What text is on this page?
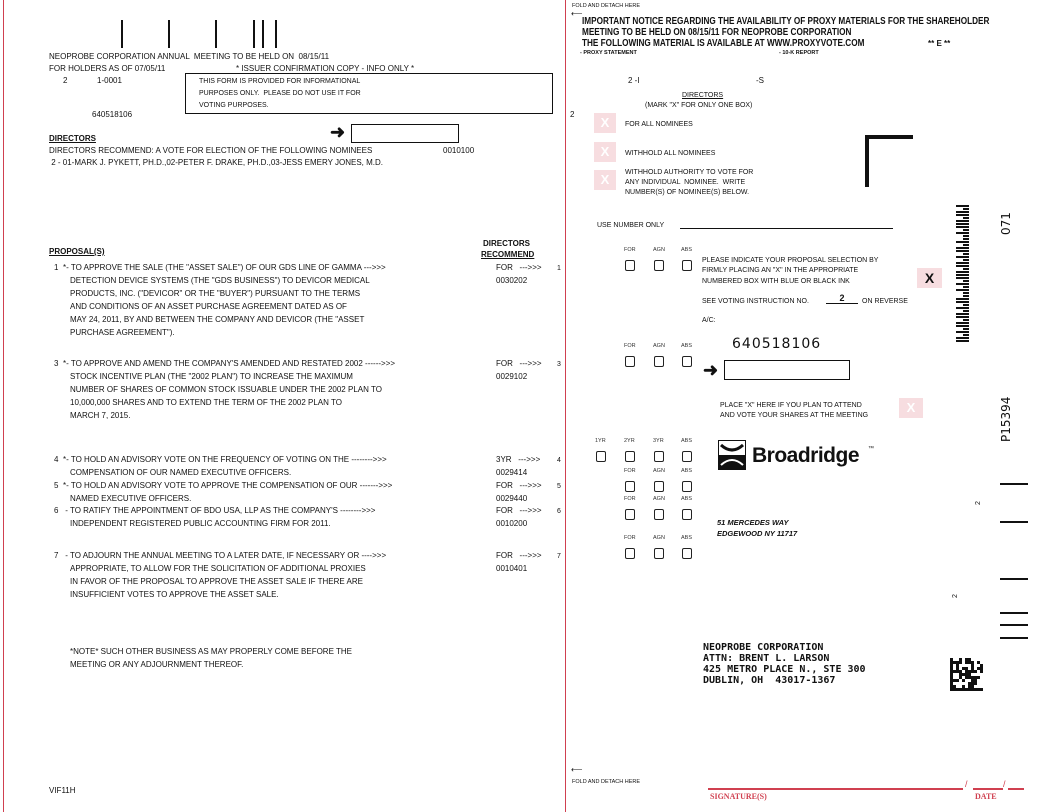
NEOPROBE CORPORATION ANNUAL  MEETING TO BE HELD ON  08/15/11
FOR HOLDERS AS OF 07/05/11	* ISSUER CONFIRMATION COPY - INFO ONLY *
2	1-0001	THIS FORM IS PROVIDED FOR INFORMATIONAL
PURPOSES ONLY.  PLEASE DO NOT USE IT FOR
VOTING PURPOSES.
640518106
➜
DIRECTORS
DIRECTORS RECOMMEND: A VOTE FOR ELECTION OF THE FOLLOWING NOMINEES	0010100
2 - 01-MARK J. PYKETT, PH.D.,02-PETER F. DRAKE, PH.D.,03-JESS EMERY JONES, M.D.
PROPOSAL(S)
DIRECTORS
RECOMMEND
1 *- TO APPROVE THE SALE (THE "ASSET SALE") OF OUR GDS LINE OF GAMMA --->>>
DETECTION DEVICE SYSTEMS (THE "GDS BUSINESS") TO DEVICOR MEDICAL
PRODUCTS, INC. ("DEVICOR" OR THE "BUYER") PURSUANT TO THE TERMS
AND CONDITIONS OF AN ASSET PURCHASE AGREEMENT DATED AS OF
MAY 24, 2011, BY AND BETWEEN THE COMPANY AND DEVICOR (THE "ASSET
PURCHASE AGREEMENT").
FOR   --->>>
0030202
1
3 *- TO APPROVE AND AMEND THE COMPANY'S AMENDED AND RESTATED 2002 ------>>>
STOCK INCENTIVE PLAN (THE "2002 PLAN") TO INCREASE THE MAXIMUM
NUMBER OF SHARES OF COMMON STOCK ISSUABLE UNDER THE 2002 PLAN TO
10,000,000 SHARES AND TO EXTEND THE TERM OF THE 2002 PLAN TO
MARCH 7, 2015.
FOR   --->>>
0029102
3
4 *- TO HOLD AN ADVISORY VOTE ON THE FREQUENCY OF VOTING ON THE -------->>>
COMPENSATION OF OUR NAMED EXECUTIVE OFFICERS.
3YR   --->>>
0029414
4
5 *- TO HOLD AN ADVISORY VOTE TO APPROVE THE COMPENSATION OF OUR ------->>>
NAMED EXECUTIVE OFFICERS.
FOR   --->>>
0029440
5
6 - TO RATIFY THE APPOINTMENT OF BDO USA, LLP AS THE COMPANY'S -------->>>
INDEPENDENT REGISTERED PUBLIC ACCOUNTING FIRM FOR 2011.
FOR   --->>>
0010200
6
7 - TO ADJOURN THE ANNUAL MEETING TO A LATER DATE, IF NECESSARY OR ---->>>
APPROPRIATE, TO ALLOW FOR THE SOLICITATION OF ADDITIONAL PROXIES
IN FAVOR OF THE PROPOSAL TO APPROVE THE ASSET SALE IF THERE ARE
INSUFFICIENT VOTES TO APPROVE THE ASSET SALE.
FOR   --->>>
0010401
7
*NOTE* SUCH OTHER BUSINESS AS MAY PROPERLY COME BEFORE THE
MEETING OR ANY ADJOURNMENT THEREOF.
VIF11H
FOLD AND DETACH HERE
⟵
IMPORTANT NOTICE REGARDING THE AVAILABILITY OF PROXY MATERIALS FOR THE SHAREHOLDER
MEETING TO BE HELD ON 08/15/11 FOR NEOPROBE CORPORATION
THE FOLLOWING MATERIAL IS AVAILABLE AT WWW.PROXYVOTE.COM	** E **
- PROXY STATEMENT	- 10-K REPORT
2 -I	-S
DIRECTORS
(MARK "X" FOR ONLY ONE BOX)
2
X	FOR ALL NOMINEES
X	WITHHOLD ALL NOMINEES
X	WITHHOLD AUTHORITY TO VOTE FOR
ANY INDIVIDUAL  NOMINEE.  WRITE
NUMBER(S) OF NOMINEE(S) BELOW.
USE NUMBER ONLY	071
P15394
2
2
FOR	AGN	ABS
FOR	AGN	ABS
1YR	2YR	3YR	ABS
FOR	AGN	ABS
FOR	AGN	ABS
FOR	AGN	ABS
PLEASE INDICATE YOUR PROPOSAL SELECTION BY
FIRMLY PLACING AN "X" IN THE APPROPRIATE
NUMBERED BOX WITH BLUE OR BLACK INK	X
SEE VOTING INSTRUCTION NO.	2	ON REVERSE
A/C:
640518106
➜
PLACE "X" HERE IF YOU PLAN TO ATTEND
AND VOTE YOUR SHARES AT THE MEETING
X
Broadridge ™
51 MERCEDES WAY
EDGEWOOD NY 11717
NEOPROBE CORPORATION
ATTN: BRENT L. LARSON
425 METRO PLACE N., STE 300
DUBLIN, OH  43017-1367
/	/
SIGNATURE(S)	DATE
FOLD AND DETACH HERE
⟵
